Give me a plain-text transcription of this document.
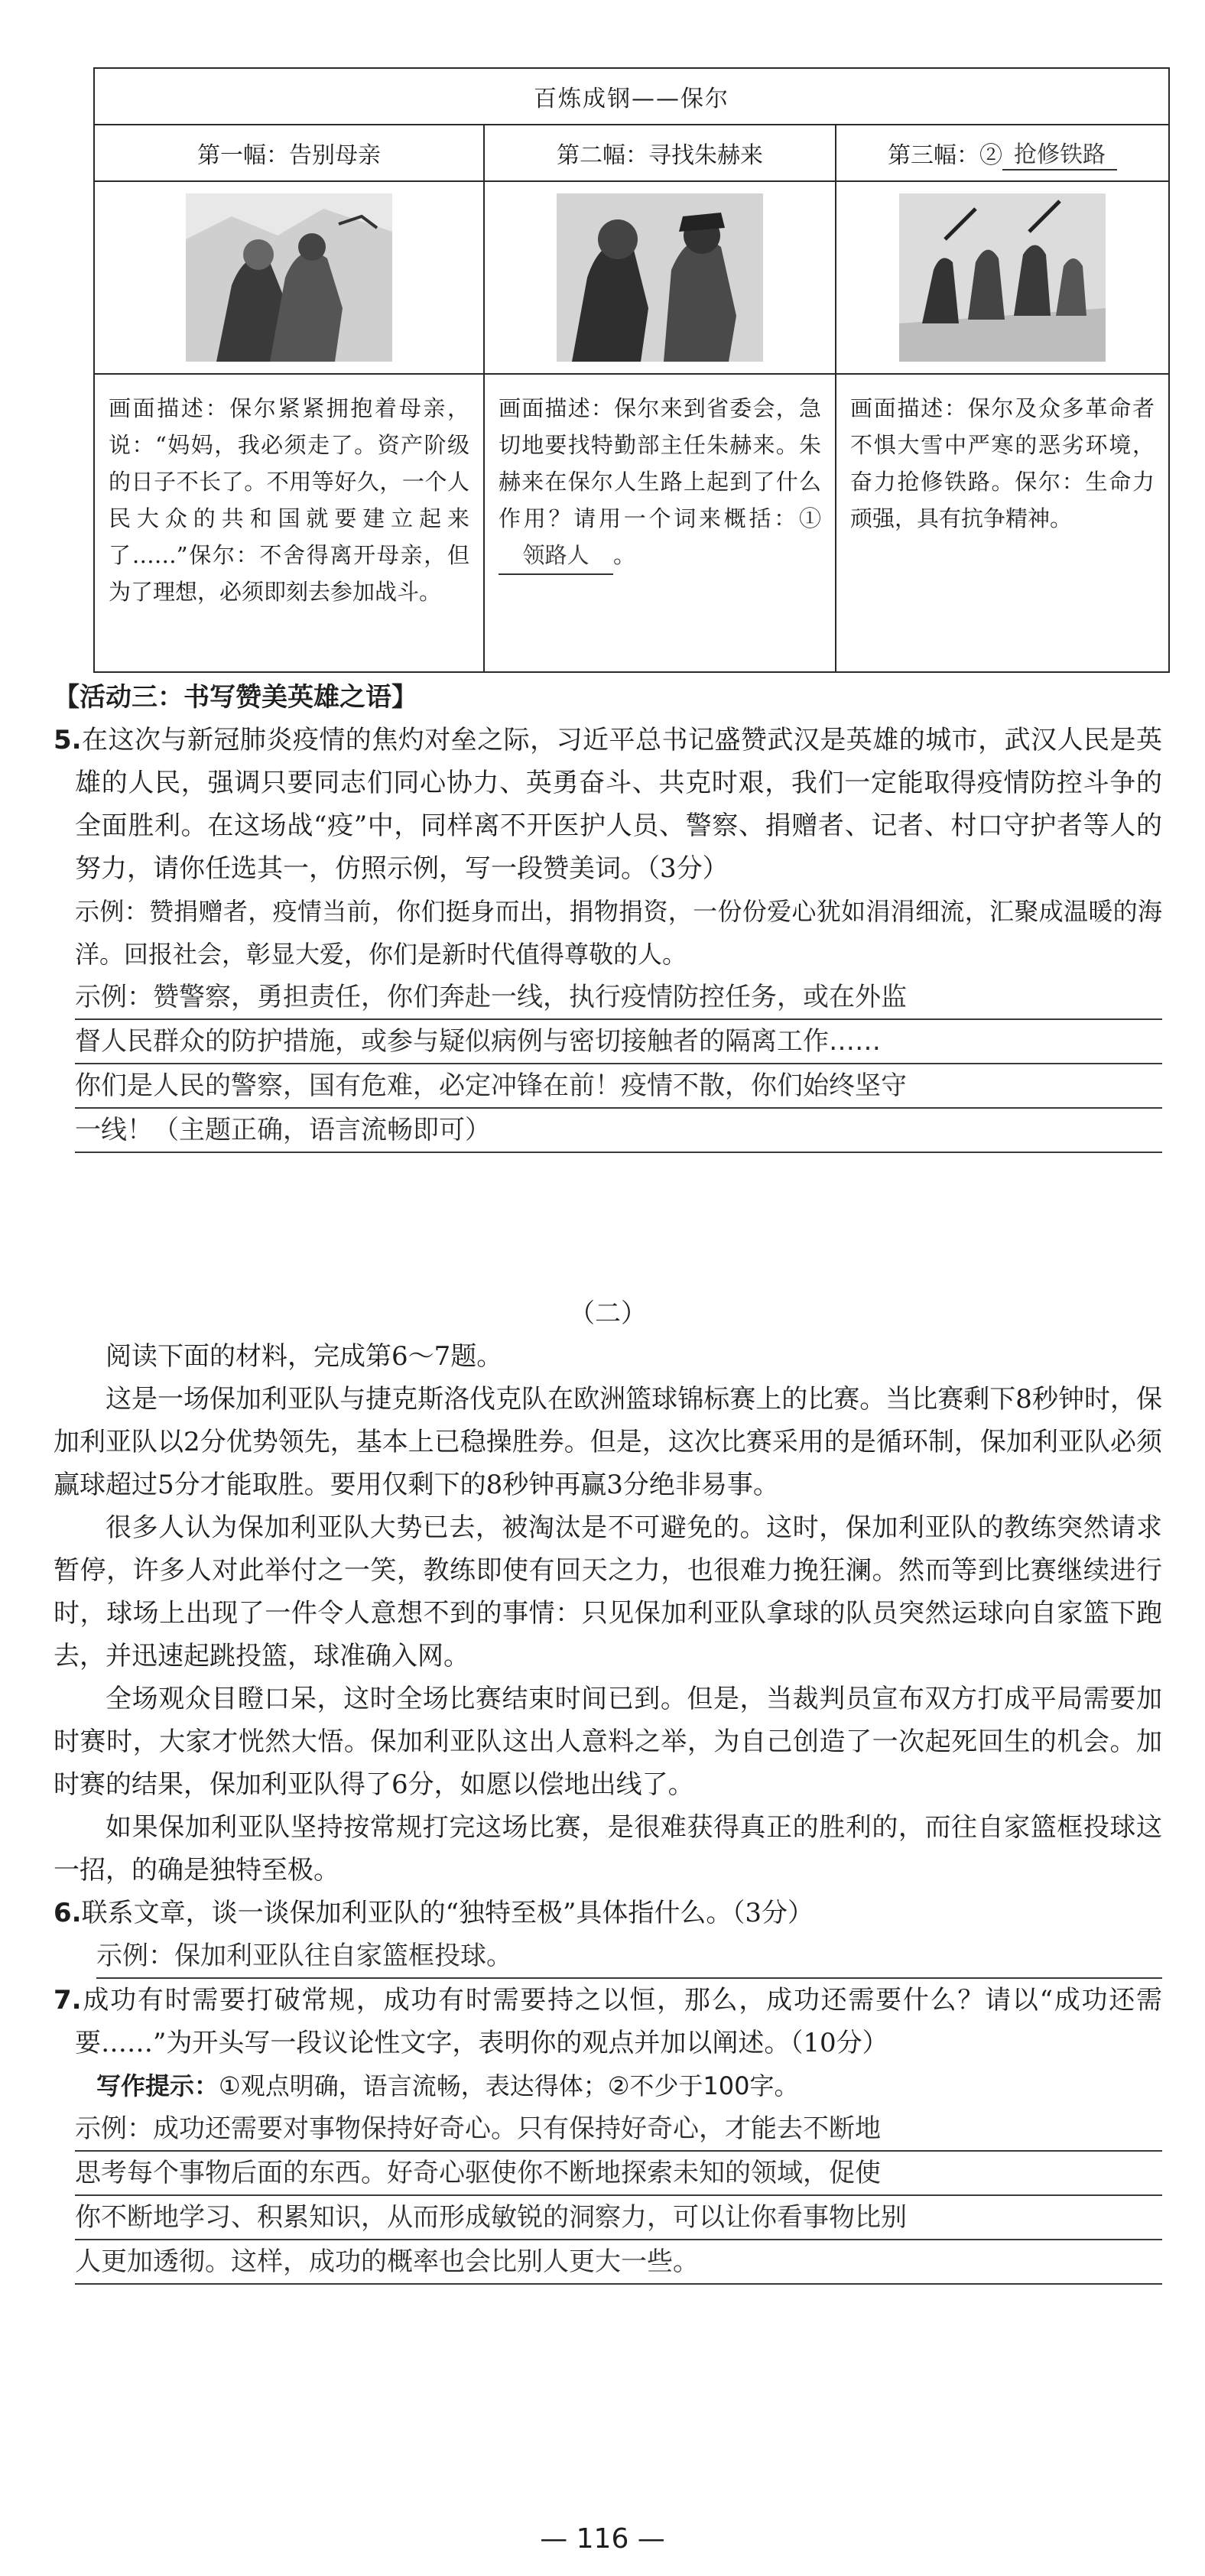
百炼成钢——保尔
第一幅：告别母亲
画面描述：保尔紧紧拥抱着母亲，说：“妈妈，我必须走了。资产阶级的日子不长了。不用等好久，一个人民大众的共和国就要建立起来了……”保尔：不舍得离开母亲，但为了理想，必须即刻去参加战斗。
第二幅：寻找朱赫来
画面描述：保尔来到省委会，急切地要找特勤部主任朱赫来。朱赫来在保尔人生路上起到了什么作用？请用一个词来概括：①领路人 。
第三幅：② 抢修铁路
画面描述：保尔及众多革命者不惧大雪中严寒的恶劣环境，奋力抢修铁路。保尔：生命力顽强，具有抗争精神。
【活动三：书写赞美英雄之语】

5.在这次与新冠肺炎疫情的焦灼对垒之际，习近平总书记盛赞武汉是英雄的城市，武汉人民是英雄的人民，强调只要同志们同心协力、英勇奋斗、共克时艰，我们一定能取得疫情防控斗争的全面胜利。在这场战“疫”中，同样离不开医护人员、警察、捐赠者、记者、村口守护者等人的努力，请你任选其一，仿照示例，写一段赞美词。（3分）

示例：赞捐赠者，疫情当前，你们挺身而出，捐物捐资，一份份爱心犹如涓涓细流，汇聚成温暖的海洋。回报社会，彰显大爱，你们是新时代值得尊敬的人。

示例：赞警察，勇担责任，你们奔赴一线，执行疫情防控任务，或在外监
督人民群众的防护措施，或参与疑似病例与密切接触者的隔离工作……
你们是人民的警察，国有危难，必定冲锋在前！疫情不散，你们始终坚守
一线！（主题正确，语言流畅即可）
（二）

阅读下面的材料，完成第6～7题。

这是一场保加利亚队与捷克斯洛伐克队在欧洲篮球锦标赛上的比赛。当比赛剩下8秒钟时，保加利亚队以2分优势领先，基本上已稳操胜券。但是，这次比赛采用的是循环制，保加利亚队必须赢球超过5分才能取胜。要用仅剩下的8秒钟再赢3分绝非易事。

很多人认为保加利亚队大势已去，被淘汰是不可避免的。这时，保加利亚队的教练突然请求暂停，许多人对此举付之一笑，教练即使有回天之力，也很难力挽狂澜。然而等到比赛继续进行时，球场上出现了一件令人意想不到的事情：只见保加利亚队拿球的队员突然运球向自家篮下跑去，并迅速起跳投篮，球准确入网。

全场观众目瞪口呆，这时全场比赛结束时间已到。但是，当裁判员宣布双方打成平局需要加时赛时，大家才恍然大悟。保加利亚队这出人意料之举，为自己创造了一次起死回生的机会。加时赛的结果，保加利亚队得了6分，如愿以偿地出线了。

如果保加利亚队坚持按常规打完这场比赛，是很难获得真正的胜利的，而往自家篮框投球这一招，的确是独特至极。

6.联系文章，谈一谈保加利亚队的“独特至极”具体指什么。（3分）

示例：保加利亚队往自家篮框投球。

7.成功有时需要打破常规，成功有时需要持之以恒，那么，成功还需要什么？请以“成功还需要……”为开头写一段议论性文字，表明你的观点并加以阐述。（10分）

写作提示：①观点明确，语言流畅，表达得体；②不少于100字。
示例：成功还需要对事物保持好奇心。只有保持好奇心，才能去不断地
思考每个事物后面的东西。好奇心驱使你不断地探索未知的领域，促使
你不断地学习、积累知识，从而形成敏锐的洞察力，可以让你看事物比别
人更加透彻。这样，成功的概率也会比别人更大一些。
— 116 —
